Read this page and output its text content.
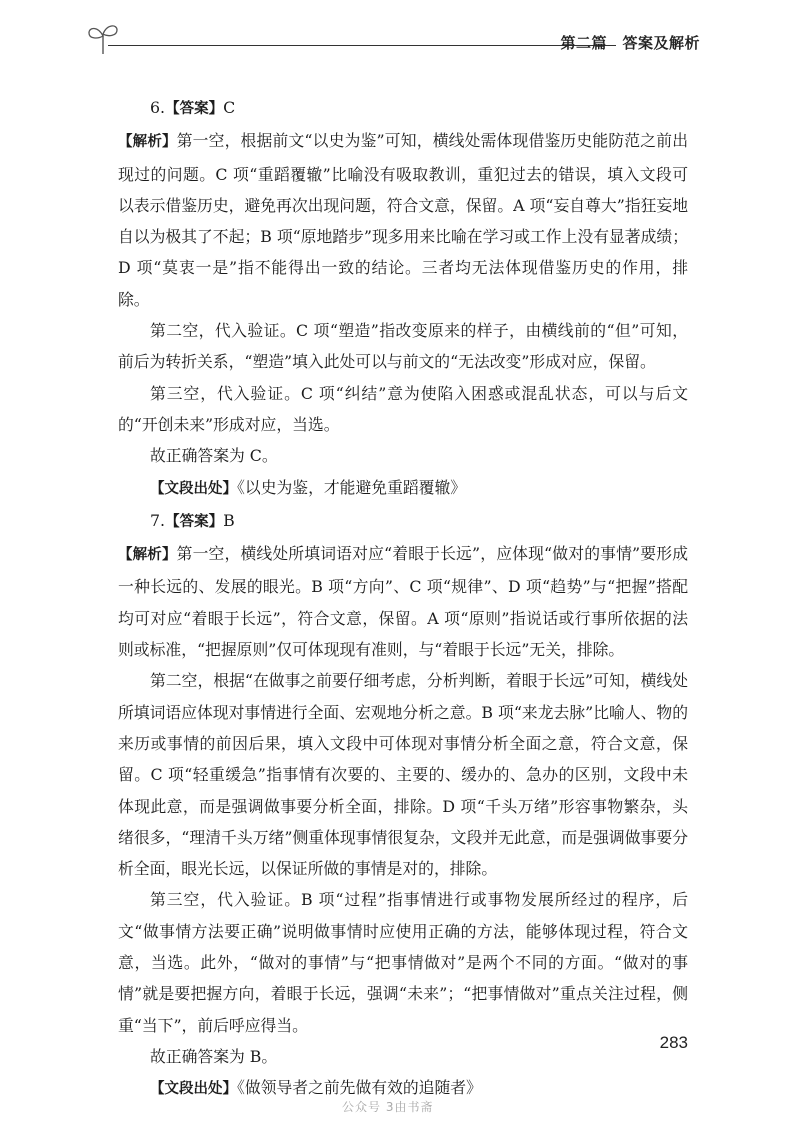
第二篇　答案及解析

6.【答案】C

【解析】第一空，根据前文“以史为鉴”可知，横线处需体现借鉴历史能防范之前出现过的问题。C 项“重蹈覆辙”比喻没有吸取教训，重犯过去的错误，填入文段可以表示借鉴历史，避免再次出现问题，符合文意，保留。A 项“妄自尊大”指狂妄地自以为极其了不起；B 项“原地踏步”现多用来比喻在学习或工作上没有显著成绩；D 项“莫衷一是”指不能得出一致的结论。三者均无法体现借鉴历史的作用，排除。

第二空，代入验证。C 项“塑造”指改变原来的样子，由横线前的“但”可知，前后为转折关系，“塑造”填入此处可以与前文的“无法改变”形成对应，保留。

第三空，代入验证。C 项“纠结”意为使陷入困惑或混乱状态，可以与后文的“开创未来”形成对应，当选。

故正确答案为 C。

【文段出处】《以史为鉴，才能避免重蹈覆辙》

7.【答案】B

【解析】第一空，横线处所填词语对应“着眼于长远”，应体现“做对的事情”要形成一种长远的、发展的眼光。B 项“方向”、C 项“规律”、D 项“趋势”与“把握”搭配均可对应“着眼于长远”，符合文意，保留。A 项“原则”指说话或行事所依据的法则或标准，“把握原则”仅可体现现有准则，与“着眼于长远”无关，排除。

第二空，根据“在做事之前要仔细考虑，分析判断，着眼于长远”可知，横线处所填词语应体现对事情进行全面、宏观地分析之意。B 项“来龙去脉”比喻人、物的来历或事情的前因后果，填入文段中可体现对事情分析全面之意，符合文意，保留。C 项“轻重缓急”指事情有次要的、主要的、缓办的、急办的区别，文段中未体现此意，而是强调做事要分析全面，排除。D 项“千头万绪”形容事物繁杂，头绪很多，“理清千头万绪”侧重体现事情很复杂，文段并无此意，而是强调做事要分析全面，眼光长远，以保证所做的事情是对的，排除。

第三空，代入验证。B 项“过程”指事情进行或事物发展所经过的程序，后文“做事情方法要正确”说明做事情时应使用正确的方法，能够体现过程，符合文意，当选。此外，“做对的事情”与“把事情做对”是两个不同的方面。“做对的事情”就是要把握方向，着眼于长远，强调“未来”；“把事情做对”重点关注过程，侧重“当下”，前后呼应得当。

故正确答案为 B。

【文段出处】《做领导者之前先做有效的追随者》

283
公众号 3由书斋
